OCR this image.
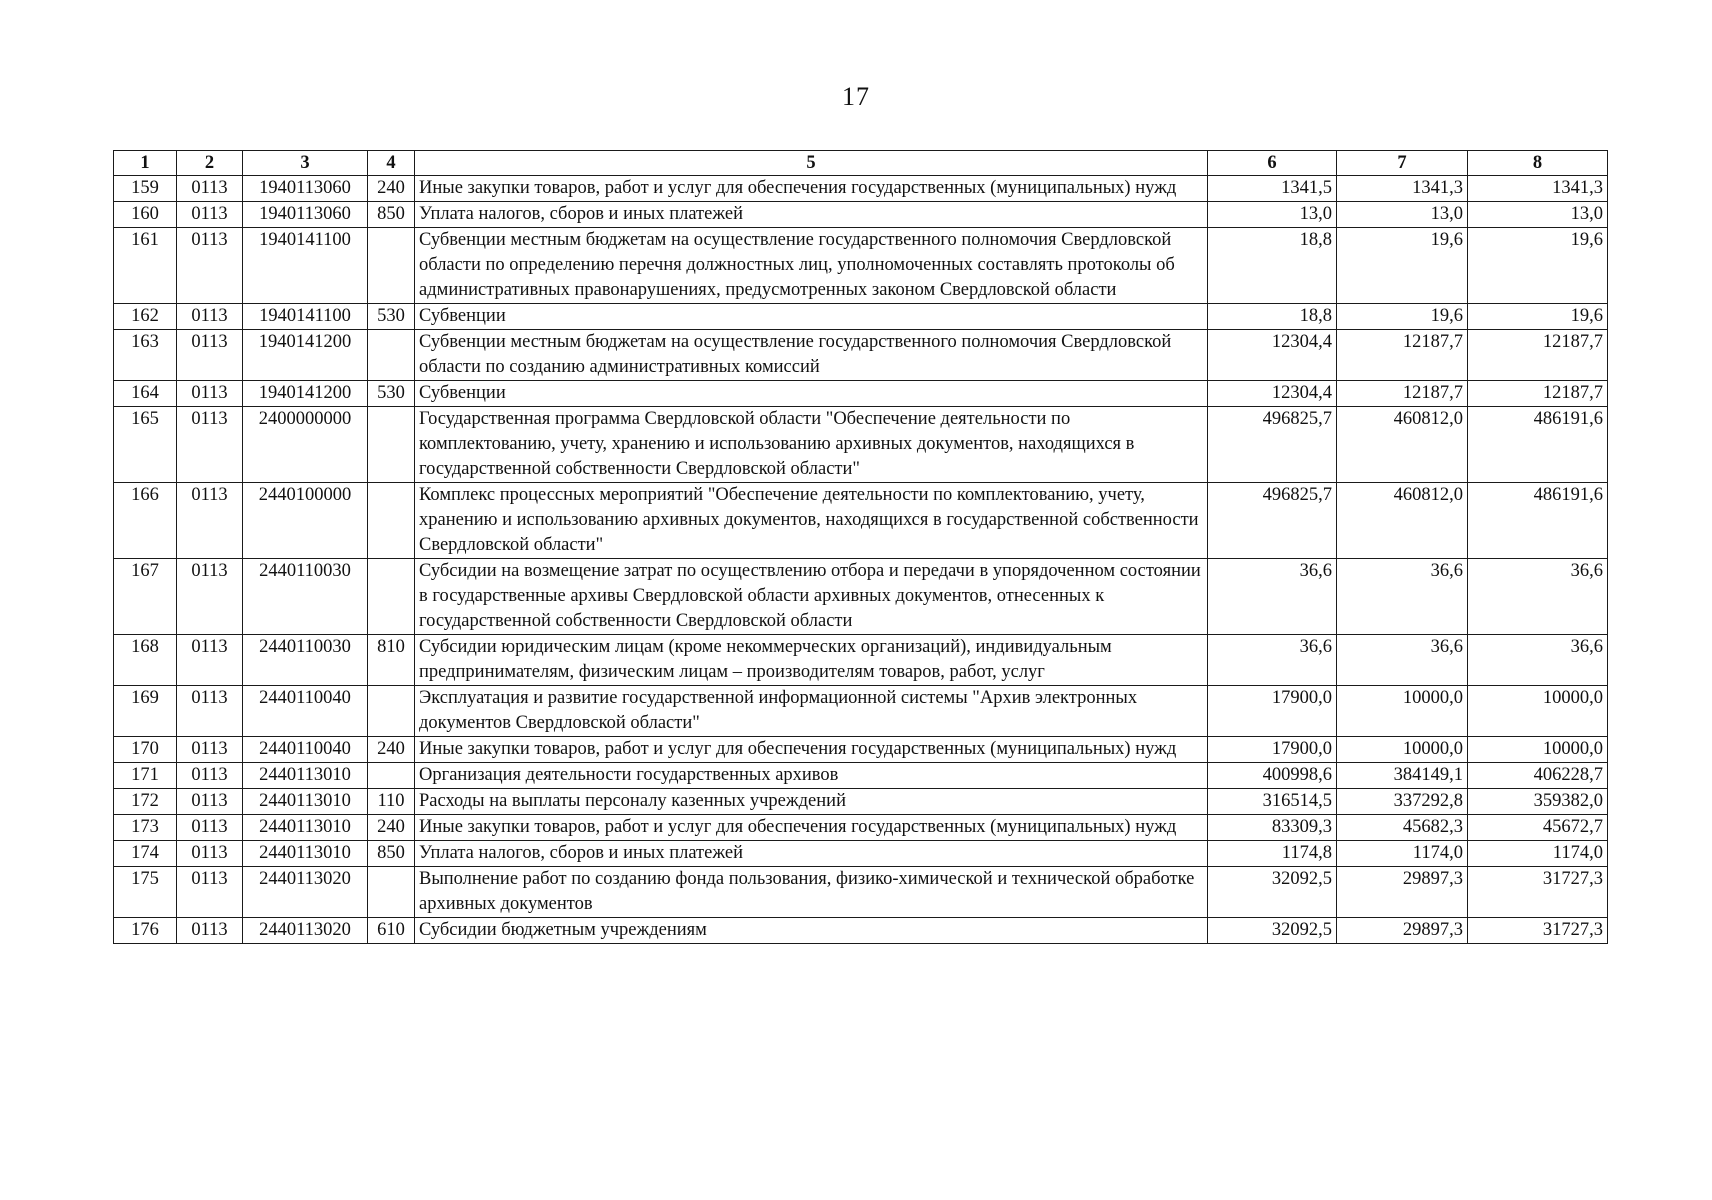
17
1	2	3	4	5	6	7	8
159	0113	1940113060	240	Иные закупки товаров, работ и услуг для обеспечения государственных (муниципальных) нужд	1341,5	1341,3	1341,3
160	0113	1940113060	850	Уплата налогов, сборов и иных платежей	13,0	13,0	13,0
161	0113	1940141100		Субвенции местным бюджетам на осуществление государственного полномочия Свердловской области по определению перечня должностных лиц, уполномоченных составлять протоколы об административных правонарушениях, предусмотренных законом Свердловской области	18,8	19,6	19,6
162	0113	1940141100	530	Субвенции	18,8	19,6	19,6
163	0113	1940141200		Субвенции местным бюджетам на осуществление государственного полномочия Свердловской области по созданию административных комиссий	12304,4	12187,7	12187,7
164	0113	1940141200	530	Субвенции	12304,4	12187,7	12187,7
165	0113	2400000000		Государственная программа Свердловской области "Обеспечение деятельности по комплектованию, учету, хранению и использованию архивных документов, находящихся в государственной собственности Свердловской области"	496825,7	460812,0	486191,6
166	0113	2440100000		Комплекс процессных мероприятий "Обеспечение деятельности по комплектованию, учету, хранению и использованию архивных документов, находящихся в государственной собственности Свердловской области"	496825,7	460812,0	486191,6
167	0113	2440110030		Субсидии на возмещение затрат по осуществлению отбора и передачи в упорядоченном состоянии в государственные архивы Свердловской области архивных документов, отнесенных к государственной собственности Свердловской области	36,6	36,6	36,6
168	0113	2440110030	810	Субсидии юридическим лицам (кроме некоммерческих организаций), индивидуальным предпринимателям, физическим лицам – производителям товаров, работ, услуг	36,6	36,6	36,6
169	0113	2440110040		Эксплуатация и развитие государственной информационной системы "Архив электронных документов Свердловской области"	17900,0	10000,0	10000,0
170	0113	2440110040	240	Иные закупки товаров, работ и услуг для обеспечения государственных (муниципальных) нужд	17900,0	10000,0	10000,0
171	0113	2440113010		Организация деятельности государственных архивов	400998,6	384149,1	406228,7
172	0113	2440113010	110	Расходы на выплаты персоналу казенных учреждений	316514,5	337292,8	359382,0
173	0113	2440113010	240	Иные закупки товаров, работ и услуг для обеспечения государственных (муниципальных) нужд	83309,3	45682,3	45672,7
174	0113	2440113010	850	Уплата налогов, сборов и иных платежей	1174,8	1174,0	1174,0
175	0113	2440113020		Выполнение работ по созданию фонда пользования, физико-химической и технической обработке архивных документов	32092,5	29897,3	31727,3
176	0113	2440113020	610	Субсидии бюджетным учреждениям	32092,5	29897,3	31727,3
